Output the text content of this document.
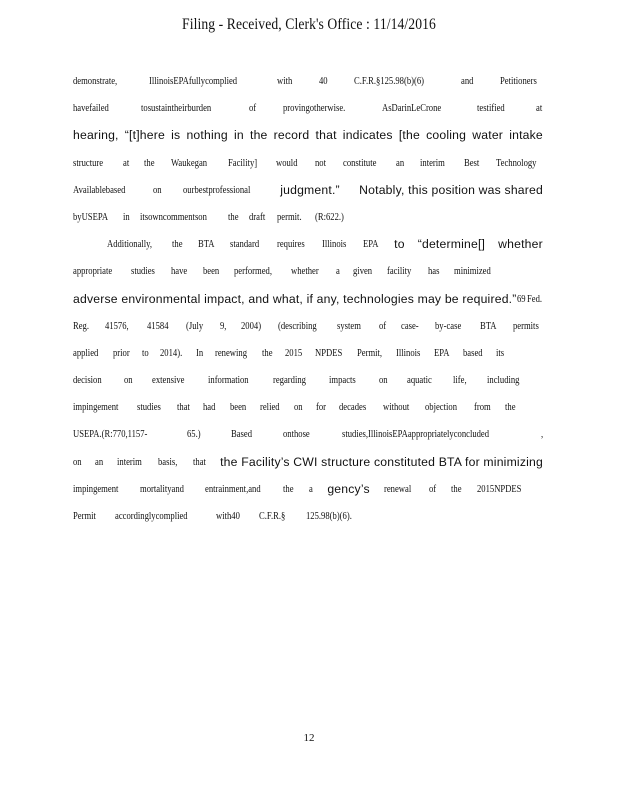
Filing - Received, Clerk's Office : 11/14/2016
demonstrate,	IllinoisEPAfullycomplied	with	40	C.F.R.§125.98(b)(6)	and	Petitioners
havefailed	tosustaintheirburden	of	provingotherwise.	AsDarinLeCrone	testified	at
hearing, “[t]here is nothing in the record that indicates [the cooling water intake
structure at the Waukegan Facility] would not constitute an interim Best Technology
Availablebased	on ourbestprofessional judgment.” Notably, this position was shared
byUSEPA in itsowncommentson the draft permit. (R:622.)
Additionally, the BTA standard requires Illinois EPA to “determine[] whether
appropriate studies have been performed, whether a given facility has minimized
adverse environmental impact, and what, if any, technologies may be required.” 69 Fed.
Reg. 41576, 41584 (July 9, 2004) (describing system of case- by-case BTA permits
applied prior to 2014). In renewing the 2015 NPDES Permit, Illinois EPA based its
decision on extensive information regarding impacts on aquatic life, including
impingement studies that had been relied on for decades without objection from the
USEPA.(R:770,1157-	65.)	Based	onthose	studies,IllinoisEPAappropriatelyconcluded	,
on an interim basis, that the Facility’s CWI structure constituted BTA for minimizing
impingement mortalityand entrainment,and the a gency’s renewal of the 2015NPDES
Permit accordinglycomplied	with40 C.F.R.§ 125.98(b)(6).
12
